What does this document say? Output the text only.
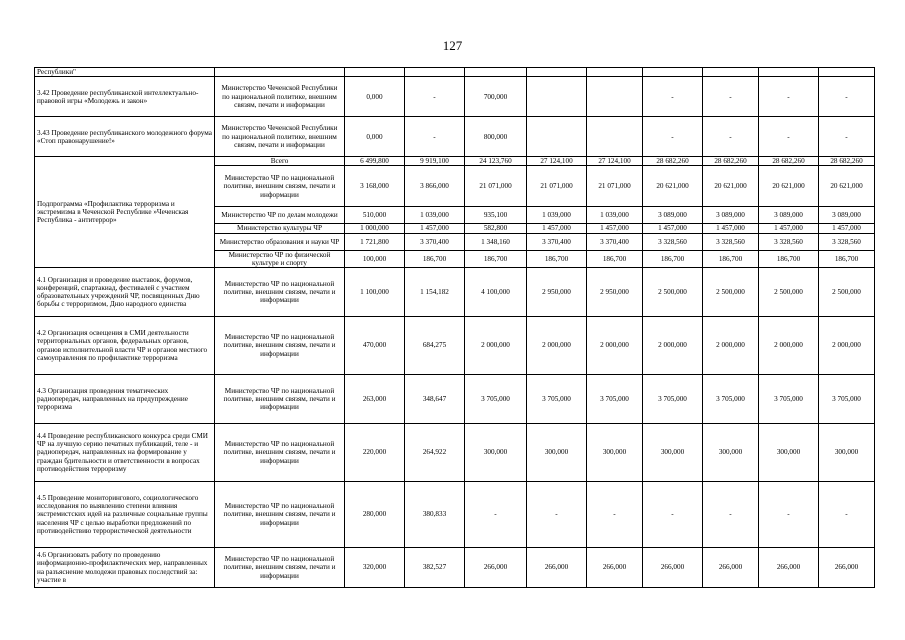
127
Республики"										
3.42 Проведение республиканской интеллектуально-правовой игры «Молодежь и закон»	Министерство Чеченской Республики по национальной политике, внешним связям, печати и информации	0,000	-	700,000			-	-	-	-
3.43 Проведение республиканского молодежного форума «Стоп правонарушение!»	Министерство Чеченской Республики по национальной политике, внешним связям, печати и информации	0,000	-	800,000			-	-	-	-
Подпрограмма «Профилактика терроризма и экстремизма в Чеченской Республике »Чеченская Республика - антитеррор»	Всего	6 499,800	9 919,100	24 123,760	27 124,100	27 124,100	28 682,260	28 682,260	28 682,260	28 682,260
	Министерство ЧР по национальной политике, внешним связям, печати и информации	3 168,000	3 866,000	21 071,000	21 071,000	21 071,000	20 621,000	20 621,000	20 621,000	20 621,000
	Министерство ЧР по делам молодежи	510,000	1 039,000	935,100	1 039,000	1 039,000	3 089,000	3 089,000	3 089,000	3 089,000
	Министерство культуры ЧР	1 000,000	1 457,000	582,800	1 457,000	1 457,000	1 457,000	1 457,000	1 457,000	1 457,000
	Министерство образования и науки ЧР	1 721,800	3 370,400	1 348,160	3 370,400	3 370,400	3 328,560	3 328,560	3 328,560	3 328,560
	Министерство ЧР по физической культуре и спорту	100,000	186,700	186,700	186,700	186,700	186,700	186,700	186,700	186,700
4.1 Организация и проведение выставок, форумов, конференций, спартакиад, фестивалей с участием образовательных учреждений ЧР, посвященных Дню борьбы с терроризмом, Дню народного единства	Министерство ЧР по национальной политике, внешним связям, печати и информации	1 100,000	1 154,182	4 100,000	2 950,000	2 950,000	2 500,000	2 500,000	2 500,000	2 500,000
4.2 Организация освещения в СМИ деятельности территориальных органов, федеральных органов, органов исполнительной власти ЧР и органов местного самоуправления по профилактике терроризма	Министерство ЧР по национальной политике, внешним связям, печати и информации	470,000	684,275	2 000,000	2 000,000	2 000,000	2 000,000	2 000,000	2 000,000	2 000,000
4.3 Организация проведения тематических радиопередач, направленных на предупреждение терроризма	Министерство ЧР по национальной политике, внешним связям, печати и информации	263,000	348,647	3 705,000	3 705,000	3 705,000	3 705,000	3 705,000	3 705,000	3 705,000
4.4 Проведение республиканского конкурса среди СМИ ЧР на лучшую серию печатных публикаций, теле - и радиопередач, направленных на формирование у граждан бдительности и ответственности в вопросах противодействия терроризму	Министерство ЧР по национальной политике, внешним связям, печати и информации	220,000	264,922	300,000	300,000	300,000	300,000	300,000	300,000	300,000
4.5 Проведение мониторингового, социологического исследования по выявлению степени влияния экстремистских идей на различные социальные группы населения ЧР с целью выработки предложений по противодействию террористической деятельности	Министерство ЧР по национальной политике, внешним связям, печати и информации	280,000	380,833	-	-	-	-	-	-	-
4.6 Организовать работу по проведению информационно-профилактических мер, направленных на разъяснение молодежи правовых последствий за: участие в	Министерство ЧР по национальной политике, внешним связям, печати и информации	320,000	382,527	266,000	266,000	266,000	266,000	266,000	266,000	266,000
